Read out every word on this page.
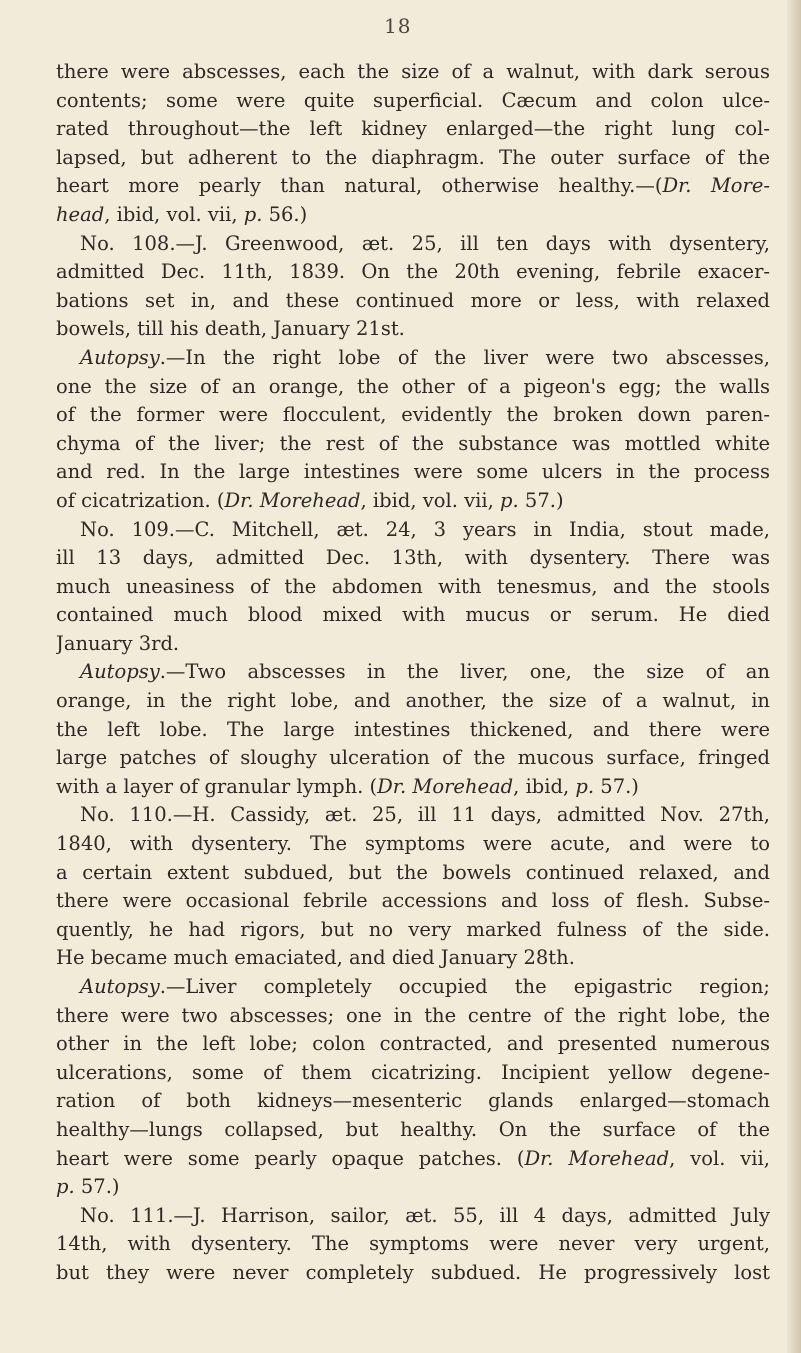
18
there were abscesses, each the size of a walnut, with dark serous
contents; some were quite superficial. Cæcum and colon ulce-
rated throughout—the left kidney enlarged—the right lung col-
lapsed, but adherent to the diaphragm. The outer surface of the
heart more pearly than natural, otherwise healthy.—(Dr. More-
head, ibid, vol. vii, p. 56.)
No. 108.—J. Greenwood, æt. 25, ill ten days with dysentery,
admitted Dec. 11th, 1839. On the 20th evening, febrile exacer-
bations set in, and these continued more or less, with relaxed
bowels, till his death, January 21st.
Autopsy.—In the right lobe of the liver were two abscesses,
one the size of an orange, the other of a pigeon's egg; the walls
of the former were flocculent, evidently the broken down paren-
chyma of the liver; the rest of the substance was mottled white
and red. In the large intestines were some ulcers in the process
of cicatrization. (Dr. Morehead, ibid, vol. vii, p. 57.)
No. 109.—C. Mitchell, æt. 24, 3 years in India, stout made,
ill 13 days, admitted Dec. 13th, with dysentery. There was
much uneasiness of the abdomen with tenesmus, and the stools
contained much blood mixed with mucus or serum. He died
January 3rd.
Autopsy.—Two abscesses in the liver, one, the size of an
orange, in the right lobe, and another, the size of a walnut, in
the left lobe. The large intestines thickened, and there were
large patches of sloughy ulceration of the mucous surface, fringed
with a layer of granular lymph. (Dr. Morehead, ibid, p. 57.)
No. 110.—H. Cassidy, æt. 25, ill 11 days, admitted Nov. 27th,
1840, with dysentery. The symptoms were acute, and were to
a certain extent subdued, but the bowels continued relaxed, and
there were occasional febrile accessions and loss of flesh. Subse-
quently, he had rigors, but no very marked fulness of the side.
He became much emaciated, and died January 28th.
Autopsy.—Liver completely occupied the epigastric region;
there were two abscesses; one in the centre of the right lobe, the
other in the left lobe; colon contracted, and presented numerous
ulcerations, some of them cicatrizing. Incipient yellow degene-
ration of both kidneys—mesenteric glands enlarged—stomach
healthy—lungs collapsed, but healthy. On the surface of the
heart were some pearly opaque patches. (Dr. Morehead, vol. vii,
p. 57.)
No. 111.—J. Harrison, sailor, æt. 55, ill 4 days, admitted July
14th, with dysentery. The symptoms were never very urgent,
but they were never completely subdued. He progressively lost
